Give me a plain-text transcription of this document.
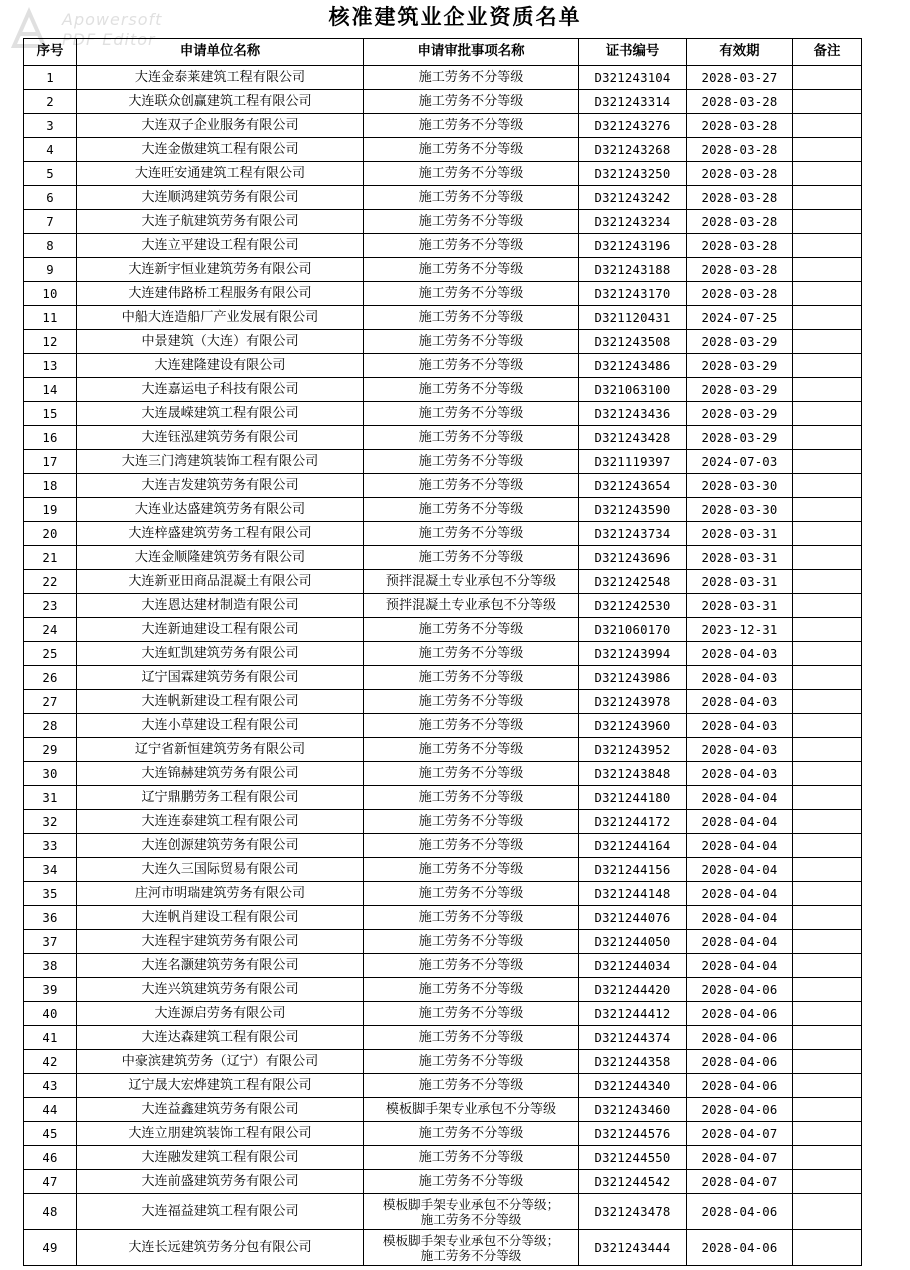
Apowersoft
PDF Editor
核准建筑业企业资质名单
序号	申请单位名称	申请审批事项名称	证书编号	有效期	备注
1	大连金泰莱建筑工程有限公司	施工劳务不分等级	D321243104	2028-03-27	
2	大连联众创赢建筑工程有限公司	施工劳务不分等级	D321243314	2028-03-28	
3	大连双子企业服务有限公司	施工劳务不分等级	D321243276	2028-03-28	
4	大连金傲建筑工程有限公司	施工劳务不分等级	D321243268	2028-03-28	
5	大连旺安通建筑工程有限公司	施工劳务不分等级	D321243250	2028-03-28	
6	大连顺鸿建筑劳务有限公司	施工劳务不分等级	D321243242	2028-03-28	
7	大连子航建筑劳务有限公司	施工劳务不分等级	D321243234	2028-03-28	
8	大连立平建设工程有限公司	施工劳务不分等级	D321243196	2028-03-28	
9	大连新宇恒业建筑劳务有限公司	施工劳务不分等级	D321243188	2028-03-28	
10	大连建伟路桥工程服务有限公司	施工劳务不分等级	D321243170	2028-03-28	
11	中船大连造船厂产业发展有限公司	施工劳务不分等级	D321120431	2024-07-25	
12	中景建筑（大连）有限公司	施工劳务不分等级	D321243508	2028-03-29	
13	大连建隆建设有限公司	施工劳务不分等级	D321243486	2028-03-29	
14	大连嘉运电子科技有限公司	施工劳务不分等级	D321063100	2028-03-29	
15	大连晟嵘建筑工程有限公司	施工劳务不分等级	D321243436	2028-03-29	
16	大连钰泓建筑劳务有限公司	施工劳务不分等级	D321243428	2028-03-29	
17	大连三门湾建筑装饰工程有限公司	施工劳务不分等级	D321119397	2024-07-03	
18	大连吉发建筑劳务有限公司	施工劳务不分等级	D321243654	2028-03-30	
19	大连业达盛建筑劳务有限公司	施工劳务不分等级	D321243590	2028-03-30	
20	大连梓盛建筑劳务工程有限公司	施工劳务不分等级	D321243734	2028-03-31	
21	大连金顺隆建筑劳务有限公司	施工劳务不分等级	D321243696	2028-03-31	
22	大连新亚田商品混凝土有限公司	预拌混凝土专业承包不分等级	D321242548	2028-03-31	
23	大连恩达建材制造有限公司	预拌混凝土专业承包不分等级	D321242530	2028-03-31	
24	大连新迪建设工程有限公司	施工劳务不分等级	D321060170	2023-12-31	
25	大连虹凯建筑劳务有限公司	施工劳务不分等级	D321243994	2028-04-03	
26	辽宁国霖建筑劳务有限公司	施工劳务不分等级	D321243986	2028-04-03	
27	大连帆新建设工程有限公司	施工劳务不分等级	D321243978	2028-04-03	
28	大连小草建设工程有限公司	施工劳务不分等级	D321243960	2028-04-03	
29	辽宁省新恒建筑劳务有限公司	施工劳务不分等级	D321243952	2028-04-03	
30	大连锦赫建筑劳务有限公司	施工劳务不分等级	D321243848	2028-04-03	
31	辽宁鼎鹏劳务工程有限公司	施工劳务不分等级	D321244180	2028-04-04	
32	大连连泰建筑工程有限公司	施工劳务不分等级	D321244172	2028-04-04	
33	大连创源建筑劳务有限公司	施工劳务不分等级	D321244164	2028-04-04	
34	大连久三国际贸易有限公司	施工劳务不分等级	D321244156	2028-04-04	
35	庄河市明瑞建筑劳务有限公司	施工劳务不分等级	D321244148	2028-04-04	
36	大连帆肖建设工程有限公司	施工劳务不分等级	D321244076	2028-04-04	
37	大连程宇建筑劳务有限公司	施工劳务不分等级	D321244050	2028-04-04	
38	大连名灏建筑劳务有限公司	施工劳务不分等级	D321244034	2028-04-04	
39	大连兴筑建筑劳务有限公司	施工劳务不分等级	D321244420	2028-04-06	
40	大连源启劳务有限公司	施工劳务不分等级	D321244412	2028-04-06	
41	大连达森建筑工程有限公司	施工劳务不分等级	D321244374	2028-04-06	
42	中豪滨建筑劳务（辽宁）有限公司	施工劳务不分等级	D321244358	2028-04-06	
43	辽宁晟大宏烨建筑工程有限公司	施工劳务不分等级	D321244340	2028-04-06	
44	大连益鑫建筑劳务有限公司	模板脚手架专业承包不分等级	D321243460	2028-04-06	
45	大连立朋建筑装饰工程有限公司	施工劳务不分等级	D321244576	2028-04-07	
46	大连融发建筑工程有限公司	施工劳务不分等级	D321244550	2028-04-07	
47	大连前盛建筑劳务有限公司	施工劳务不分等级	D321244542	2028-04-07	
48	大连福益建筑工程有限公司	模板脚手架专业承包不分等级；
施工劳务不分等级	D321243478	2028-04-06	
49	大连长远建筑劳务分包有限公司	模板脚手架专业承包不分等级；
施工劳务不分等级	D321243444	2028-04-06	
